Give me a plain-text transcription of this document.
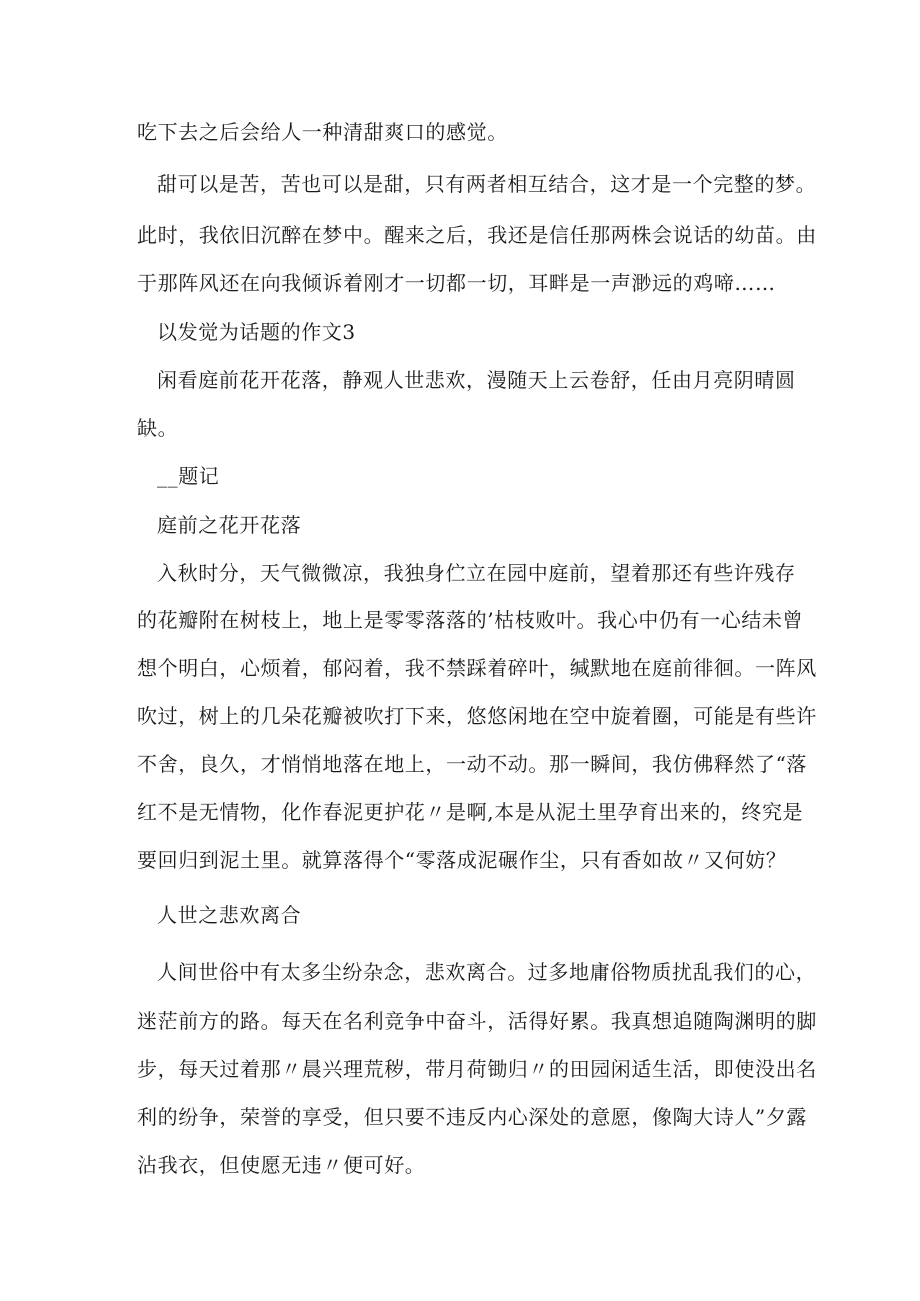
吃下去之后会给人一种清甜爽口的感觉。
甜可以是苦，苦也可以是甜，只有两者相互结合，这才是一个完整的梦。
此时，我依旧沉醉在梦中。醒来之后，我还是信任那两株会说话的幼苗。由
于那阵风还在向我倾诉着刚才一切都一切，耳畔是一声渺远的鸡啼……
以发觉为话题的作文3
闲看庭前花开花落，静观人世悲欢，漫随天上云卷舒，任由月亮阴晴圆
缺。
__题记
庭前之花开花落
入秋时分，天气微微凉，我独身伫立在园中庭前，望着那还有些许残存
的花瓣附在树枝上，地上是零零落落的’枯枝败叶。我心中仍有一心结未曾
想个明白，心烦着，郁闷着，我不禁踩着碎叶，缄默地在庭前徘徊。一阵风
吹过，树上的几朵花瓣被吹打下来，悠悠闲地在空中旋着圈，可能是有些许
不舍，良久，才悄悄地落在地上，一动不动。那一瞬间，我仿佛释然了“落
红不是无情物，化作春泥更护花〃是啊,本是从泥土里孕育出来的，终究是
要回归到泥土里。就算落得个“零落成泥碾作尘，只有香如故〃又何妨？
人世之悲欢离合
人间世俗中有太多尘纷杂念，悲欢离合。过多地庸俗物质扰乱我们的心，
迷茫前方的路。每天在名利竞争中奋斗，活得好累。我真想追随陶渊明的脚
步，每天过着那〃晨兴理荒秽，带月荷锄归〃的田园闲适生活，即使没出名
利的纷争，荣誉的享受，但只要不违反内心深处的意愿，像陶大诗人”夕露
沾我衣，但使愿无违〃便可好。
